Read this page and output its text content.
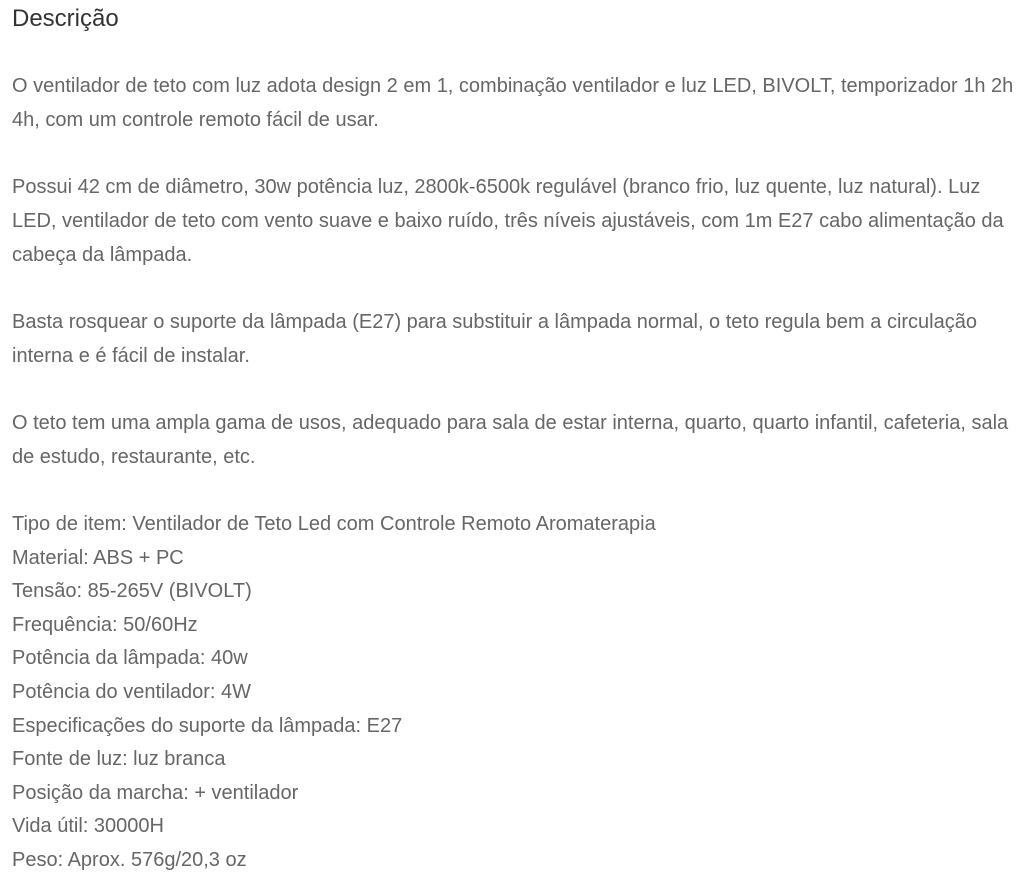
Descrição

O ventilador de teto com luz adota design 2 em 1, combinação ventilador e luz LED, BIVOLT, temporizador 1h 2h 4h, com um controle remoto fácil de usar.

Possui 42 cm de diâmetro, 30w potência luz, 2800k-6500k regulável (branco frio, luz quente, luz natural). Luz LED, ventilador de teto com vento suave e baixo ruído, três níveis ajustáveis, com 1m E27 cabo alimentação da cabeça da lâmpada.

Basta rosquear o suporte da lâmpada (E27) para substituir a lâmpada normal, o teto regula bem a circulação interna e é fácil de instalar.

O teto tem uma ampla gama de usos, adequado para sala de estar interna, quarto, quarto infantil, cafeteria, sala de estudo, restaurante, etc.

Tipo de item: Ventilador de Teto Led com Controle Remoto Aromaterapia
Material: ABS + PC
Tensão: 85-265V (BIVOLT)
Frequência: 50/60Hz
Potência da lâmpada: 40w
Potência do ventilador: 4W
Especificações do suporte da lâmpada: E27
Fonte de luz: luz branca
Posição da marcha: + ventilador
Vida útil: 30000H
Peso: Aprox. 576g/20,3 oz
